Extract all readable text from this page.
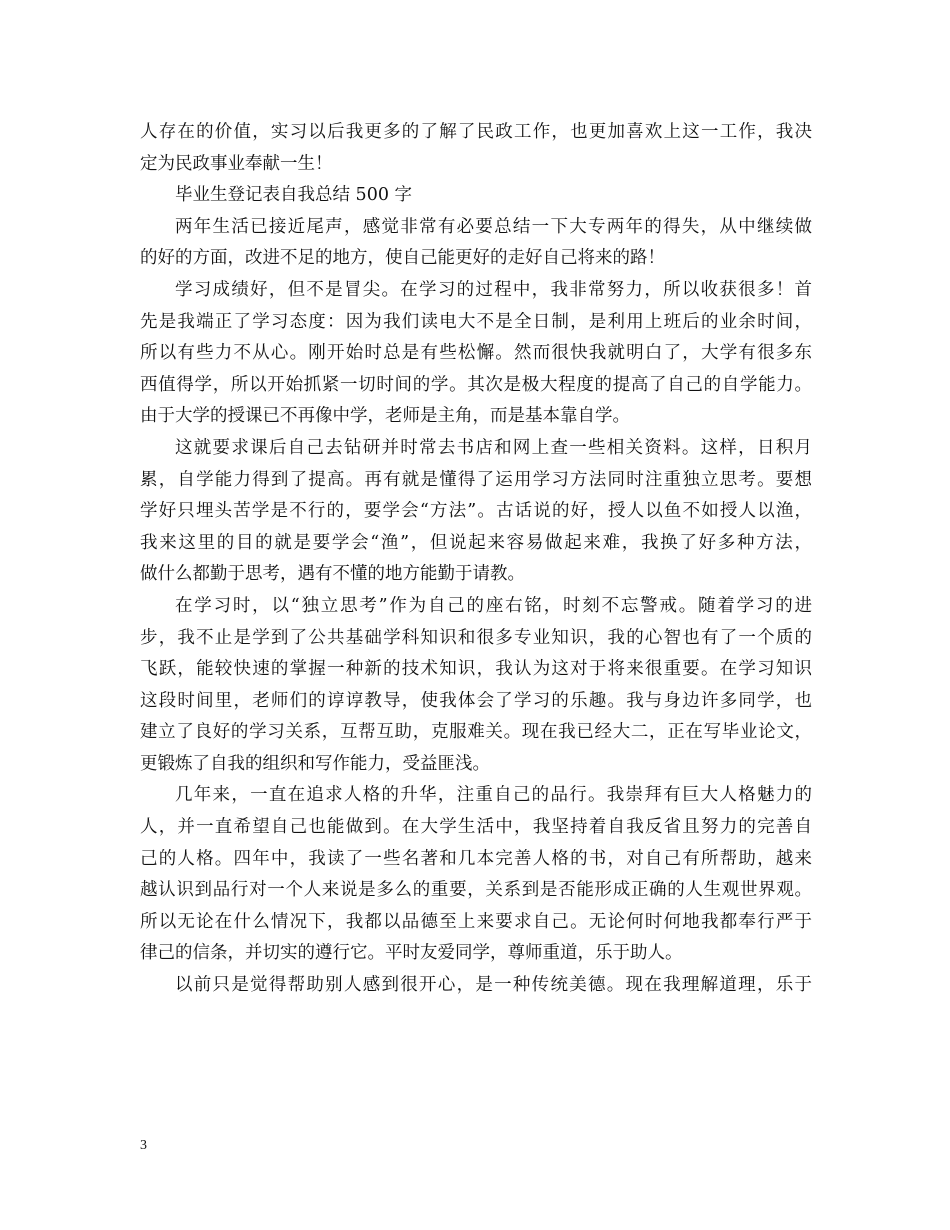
人存在的价值，实习以后我更多的了解了民政工作，也更加喜欢上这一工作，我决
定为民政事业奉献一生！
毕业生登记表自我总结 500 字
两年生活已接近尾声，感觉非常有必要总结一下大专两年的得失，从中继续做
的好的方面，改进不足的地方，使自己能更好的走好自己将来的路！
学习成绩好，但不是冒尖。在学习的过程中，我非常努力，所以收获很多！首
先是我端正了学习态度：因为我们读电大不是全日制，是利用上班后的业余时间，
所以有些力不从心。刚开始时总是有些松懈。然而很快我就明白了，大学有很多东
西值得学，所以开始抓紧一切时间的学。其次是极大程度的提高了自己的自学能力。
由于大学的授课已不再像中学，老师是主角，而是基本靠自学。
这就要求课后自己去钻研并时常去书店和网上查一些相关资料。这样，日积月
累，自学能力得到了提高。再有就是懂得了运用学习方法同时注重独立思考。要想
学好只埋头苦学是不行的，要学会“方法”。古话说的好，授人以鱼不如授人以渔，
我来这里的目的就是要学会“渔”，但说起来容易做起来难，我换了好多种方法，
做什么都勤于思考，遇有不懂的地方能勤于请教。
在学习时，以“独立思考”作为自己的座右铭，时刻不忘警戒。随着学习的进
步，我不止是学到了公共基础学科知识和很多专业知识，我的心智也有了一个质的
飞跃，能较快速的掌握一种新的技术知识，我认为这对于将来很重要。在学习知识
这段时间里，老师们的谆谆教导，使我体会了学习的乐趣。我与身边许多同学，也
建立了良好的学习关系，互帮互助，克服难关。现在我已经大二，正在写毕业论文，
更锻炼了自我的组织和写作能力，受益匪浅。
几年来，一直在追求人格的升华，注重自己的品行。我崇拜有巨大人格魅力的
人，并一直希望自己也能做到。在大学生活中，我坚持着自我反省且努力的完善自
己的人格。四年中，我读了一些名著和几本完善人格的书，对自己有所帮助，越来
越认识到品行对一个人来说是多么的重要，关系到是否能形成正确的人生观世界观。
所以无论在什么情况下，我都以品德至上来要求自己。无论何时何地我都奉行严于
律己的信条，并切实的遵行它。平时友爱同学，尊师重道，乐于助人。
以前只是觉得帮助别人感到很开心，是一种传统美德。现在我理解道理，乐于
3
